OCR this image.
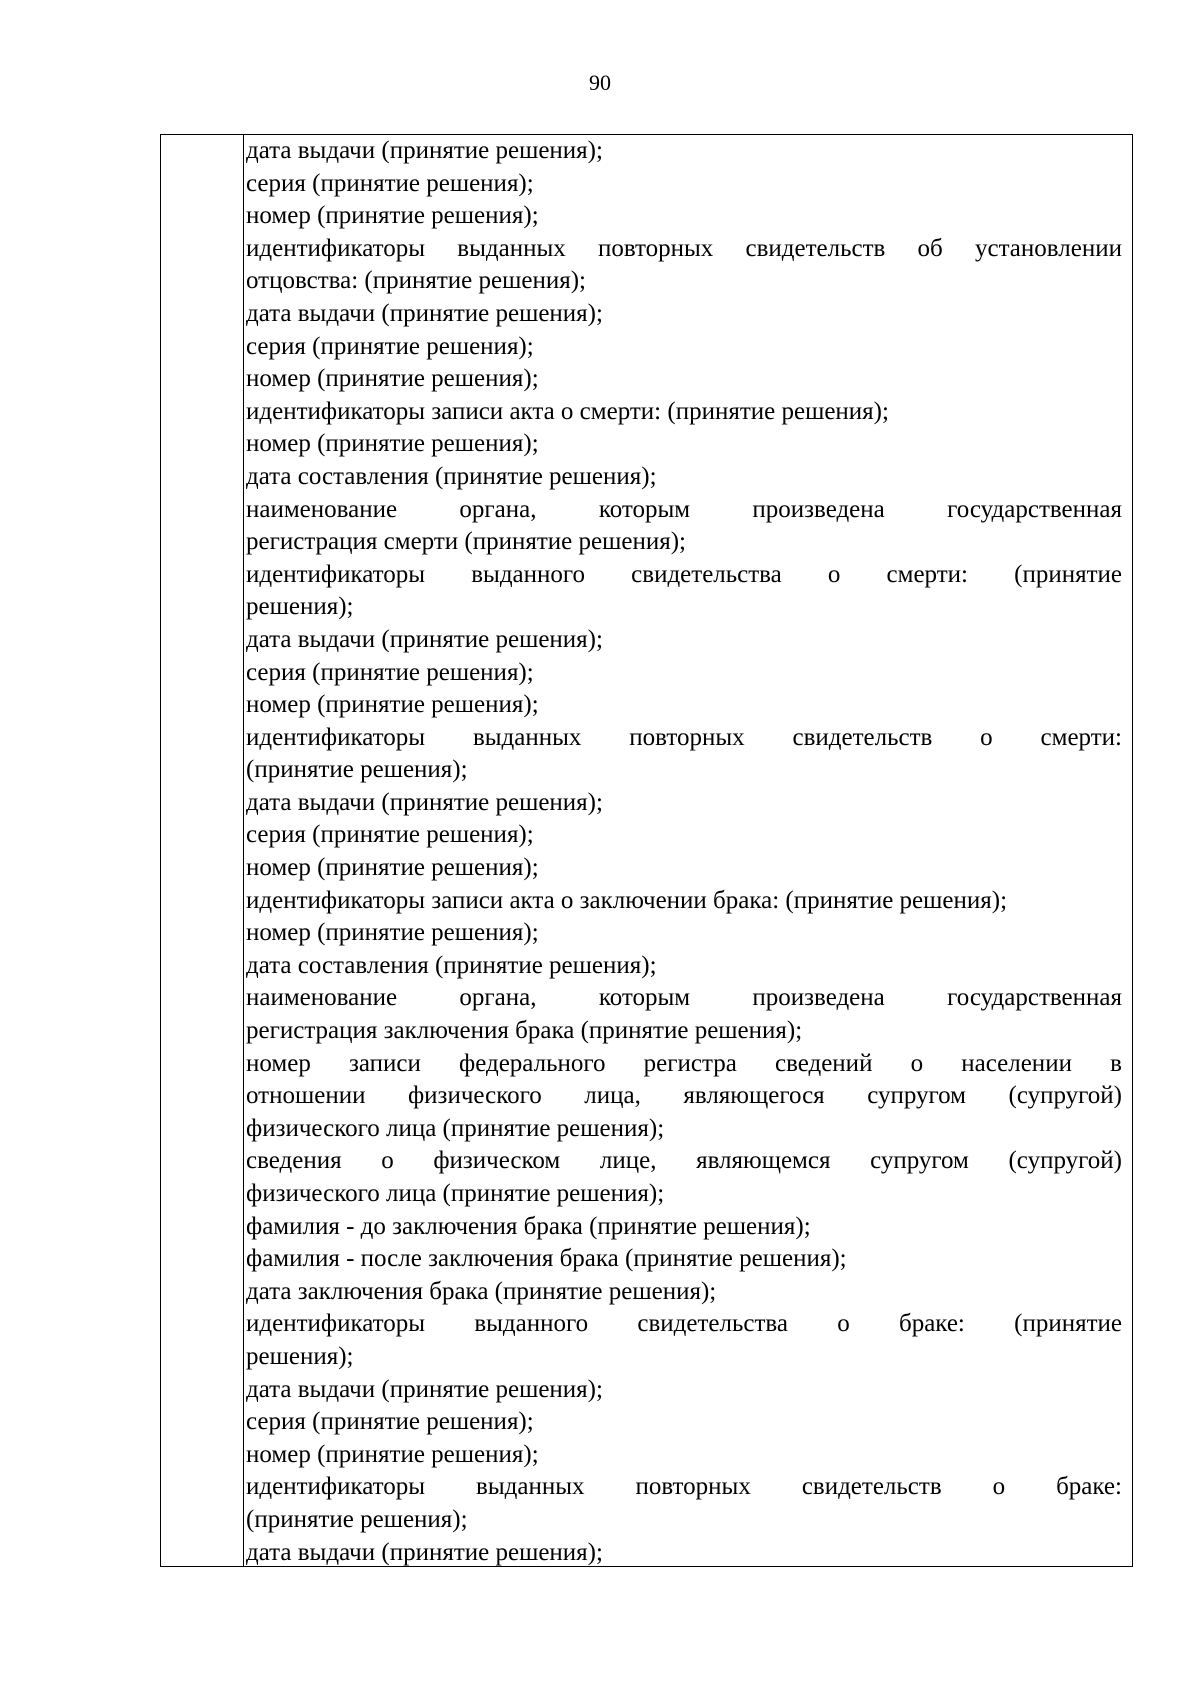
90
дата выдачи (принятие решения);
серия (принятие решения);
номер (принятие решения);
идентификаторы выданных повторных свидетельств об установлении
отцовства: (принятие решения);
дата выдачи (принятие решения);
серия (принятие решения);
номер (принятие решения);
идентификаторы записи акта о смерти: (принятие решения);
номер (принятие решения);
дата составления (принятие решения);
наименование органа, которым произведена государственная
регистрация смерти (принятие решения);
идентификаторы выданного свидетельства о смерти: (принятие
решения);
дата выдачи (принятие решения);
серия (принятие решения);
номер (принятие решения);
идентификаторы выданных повторных свидетельств о смерти:
(принятие решения);
дата выдачи (принятие решения);
серия (принятие решения);
номер (принятие решения);
идентификаторы записи акта о заключении брака: (принятие решения);
номер (принятие решения);
дата составления (принятие решения);
наименование органа, которым произведена государственная
регистрация заключения брака (принятие решения);
номер записи федерального регистра сведений о населении в
отношении физического лица, являющегося супругом (супругой)
физического лица (принятие решения);
сведения о физическом лице, являющемся супругом (супругой)
физического лица (принятие решения);
фамилия - до заключения брака (принятие решения);
фамилия - после заключения брака (принятие решения);
дата заключения брака (принятие решения);
идентификаторы выданного свидетельства о браке: (принятие
решения);
дата выдачи (принятие решения);
серия (принятие решения);
номер (принятие решения);
идентификаторы выданных повторных свидетельств о браке:
(принятие решения);
дата выдачи (принятие решения);
